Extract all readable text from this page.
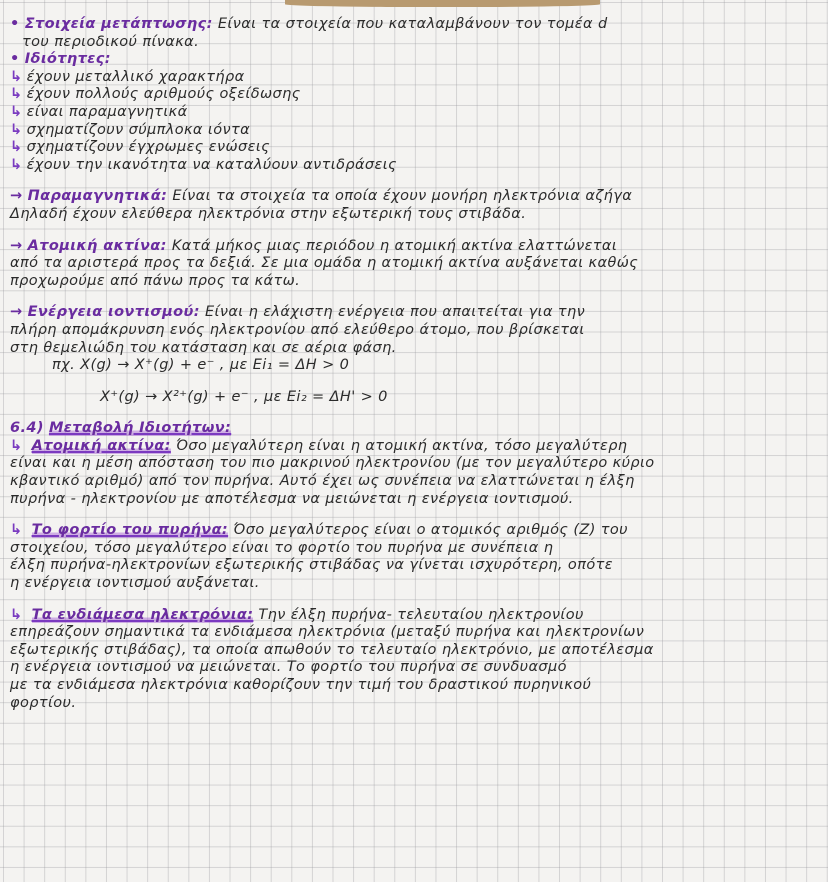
• Στοιχεία μετάπτωσης: Είναι τα στοιχεία που καταλαμβάνουν τον τομέα d
του περιοδικού πίνακα.
• Ιδιότητες:
↳ έχουν μεταλλικό χαρακτήρα
↳ έχουν πολλούς αριθμούς οξείδωσης
↳ είναι παραμαγνητικά
↳ σχηματίζουν σύμπλοκα ιόντα
↳ σχηματίζουν έγχρωμες ενώσεις
↳ έχουν την ικανότητα να καταλύουν αντιδράσεις
→ Παραμαγνητικά: Είναι τα στοιχεία τα οποία έχουν μονήρη ηλεκτρόνια αζήγα
Δηλαδή έχουν ελεύθερα ηλεκτρόνια στην εξωτερική τους στιβάδα.
→ Ατομική ακτίνα: Κατά μήκος μιας περιόδου η ατομική ακτίνα ελαττώνεται
από τα αριστερά προς τα δεξιά. Σε μια ομάδα η ατομική ακτίνα αυξάνεται καθώς
προχωρούμε από πάνω προς τα κάτω.
→ Ενέργεια ιοντισμού: Είναι η ελάχιστη ενέργεια που απαιτείται για την
πλήρη απομάκρυνση ενός ηλεκτρονίου από ελεύθερο άτομο, που βρίσκεται
στη θεμελιώδη του κατάσταση και σε αέρια φάση.
πχ. X(g) → X⁺(g) + e⁻ , με Ei₁ = ΔH > 0
X⁺(g) → X²⁺(g) + e⁻ , με Ei₂ = ΔH' > 0
6.4) Μεταβολή Ιδιοτήτων:
↳ Ατομική ακτίνα: Όσο μεγαλύτερη είναι η ατομική ακτίνα, τόσο μεγαλύτερη
είναι και η μέση απόσταση του πιο μακρινού ηλεκτρονίου (με τον μεγαλύτερο κύριο
κβαντικό αριθμό) από τον πυρήνα. Αυτό έχει ως συνέπεια να ελαττώνεται η έλξη
πυρήνα - ηλεκτρονίου με αποτέλεσμα να μειώνεται η ενέργεια ιοντισμού.
↳ Το φορτίο του πυρήνα: Όσο μεγαλύτερος είναι ο ατομικός αριθμός (Z) του
στοιχείου, τόσο μεγαλύτερο είναι το φορτίο του πυρήνα με συνέπεια η
έλξη πυρήνα-ηλεκτρονίων εξωτερικής στιβάδας να γίνεται ισχυρότερη, οπότε
η ενέργεια ιοντισμού αυξάνεται.
↳ Τα ενδιάμεσα ηλεκτρόνια: Την έλξη πυρήνα- τελευταίου ηλεκτρονίου
επηρεάζουν σημαντικά τα ενδιάμεσα ηλεκτρόνια (μεταξύ πυρήνα και ηλεκτρονίων
εξωτερικής στιβάδας), τα οποία απωθούν το τελευταίο ηλεκτρόνιο, με αποτέλεσμα
η ενέργεια ιοντισμού να μειώνεται. Το φορτίο του πυρήνα σε συνδυασμό
με τα ενδιάμεσα ηλεκτρόνια καθορίζουν την τιμή του δραστικού πυρηνικού
φορτίου.
